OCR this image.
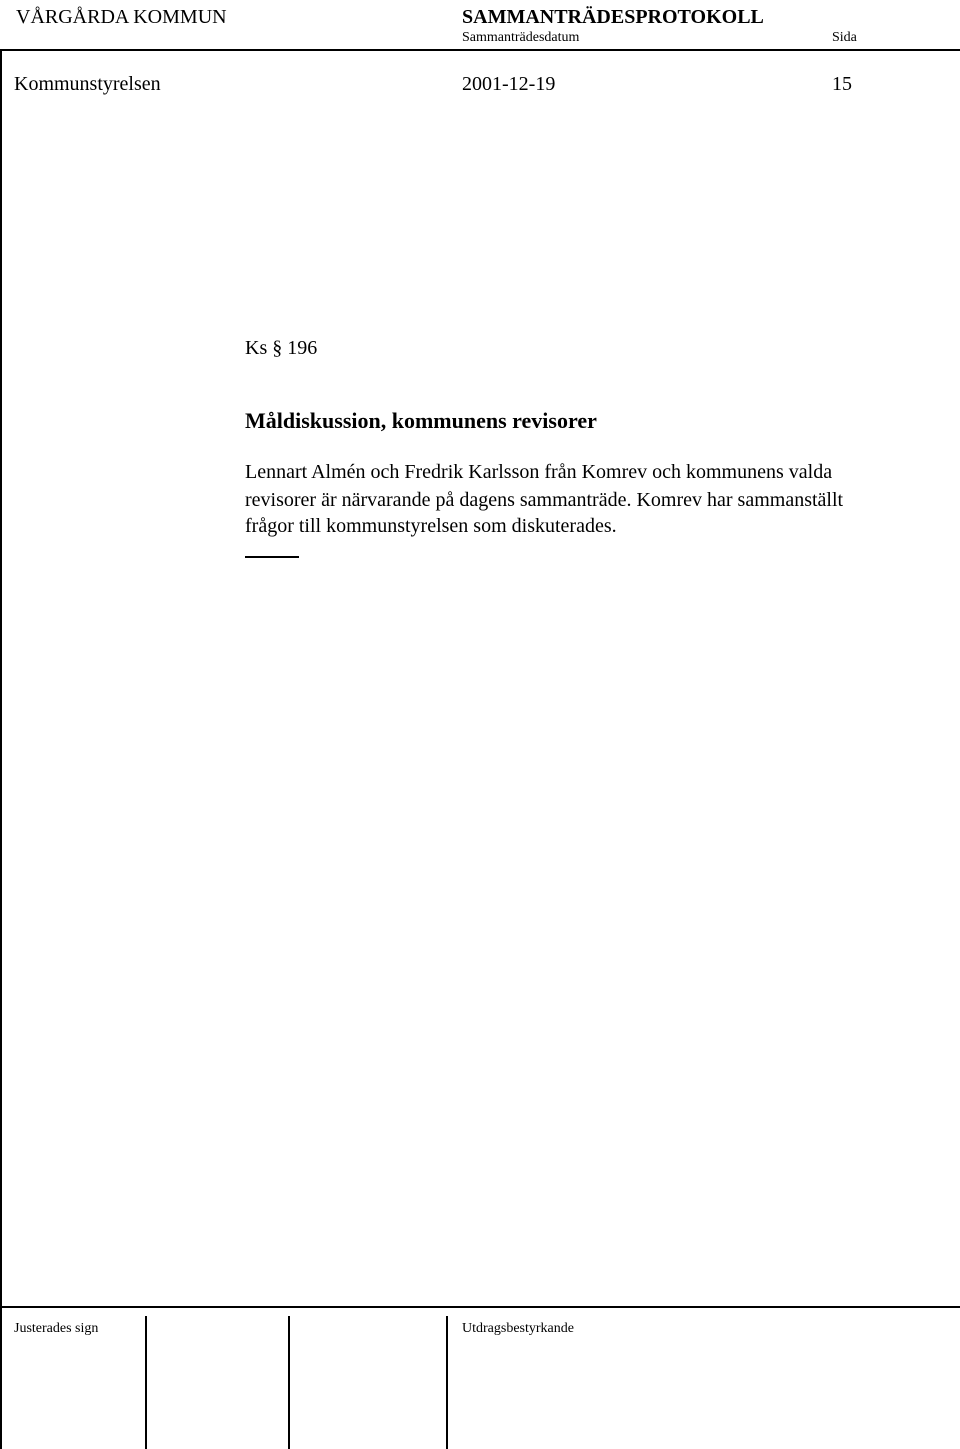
VÅRGÅRDA KOMMUN	SAMMANTRÄDESPROTOKOLL
Sammanträdesdatum	Sida
Kommunstyrelsen	2001-12-19	15
Ks § 196
Måldiskussion, kommunens revisorer
Lennart Almén och Fredrik Karlsson från Komrev och kommunens valda
revisorer är närvarande på dagens sammanträde. Komrev har sammanställt
frågor till kommunstyrelsen som diskuterades.
Justerades sign	Utdragsbestyrkande
